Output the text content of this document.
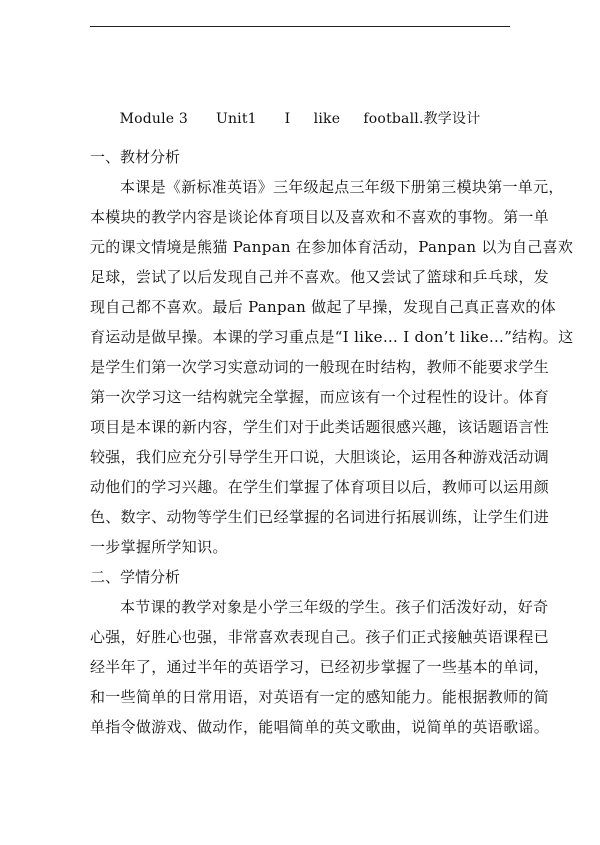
Module 3      Unit1      I     like     football.教学设计
一、教材分析
本课是《新标准英语》三年级起点三年级下册第三模块第一单元，
本模块的教学内容是谈论体育项目以及喜欢和不喜欢的事物。第一单
元的课文情境是熊猫 Panpan 在参加体育活动，Panpan 以为自己喜欢
足球，尝试了以后发现自己并不喜欢。他又尝试了篮球和乒乓球，发
现自己都不喜欢。最后 Panpan 做起了早操，发现自己真正喜欢的体
育运动是做早操。本课的学习重点是“I like… I don’t like…”结构。这
是学生们第一次学习实意动词的一般现在时结构，教师不能要求学生
第一次学习这一结构就完全掌握，而应该有一个过程性的设计。体育
项目是本课的新内容，学生们对于此类话题很感兴趣，该话题语言性
较强，我们应充分引导学生开口说，大胆谈论，运用各种游戏活动调
动他们的学习兴趣。在学生们掌握了体育项目以后，教师可以运用颜
色、数字、动物等学生们已经掌握的名词进行拓展训练，让学生们进
一步掌握所学知识。
二、学情分析
本节课的教学对象是小学三年级的学生。孩子们活泼好动，好奇
心强，好胜心也强，非常喜欢表现自己。孩子们正式接触英语课程已
经半年了，通过半年的英语学习，已经初步掌握了一些基本的单词，
和一些简单的日常用语，对英语有一定的感知能力。能根据教师的简
单指令做游戏、做动作，能唱简单的英文歌曲，说简单的英语歌谣。
